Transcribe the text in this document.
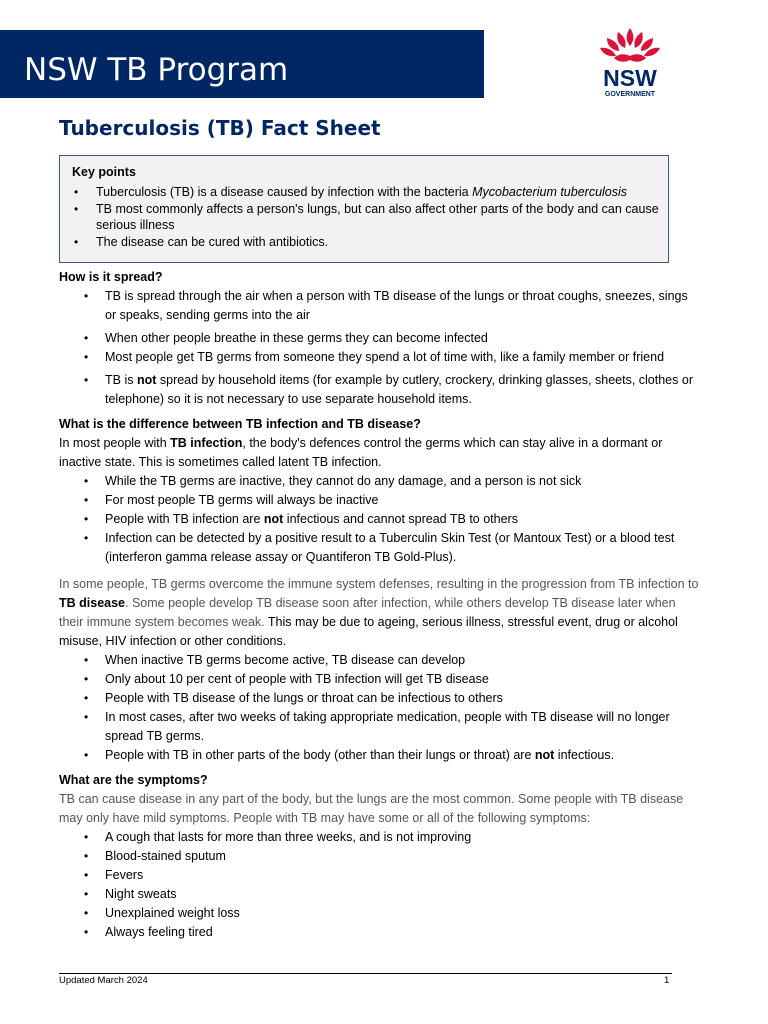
NSW TB Program	NSW
GOVERNMENT
Tuberculosis (TB) Fact Sheet
Key points
• Tuberculosis (TB) is a disease caused by infection with the bacteria Mycobacterium tuberculosis
• TB most commonly affects a person's lungs, but can also affect other parts of the body and can cause serious illness
• The disease can be cured with antibiotics.
How is it spread?
• TB is spread through the air when a person with TB disease of the lungs or throat coughs, sneezes, sings or speaks, sending germs into the air
• When other people breathe in these germs they can become infected
• Most people get TB germs from someone they spend a lot of time with, like a family member or friend
• TB is not spread by household items (for example by cutlery, crockery, drinking glasses, sheets, clothes or telephone) so it is not necessary to use separate household items.
What is the difference between TB infection and TB disease?

In most people with TB infection, the body's defences control the germs which can stay alive in a dormant or inactive state. This is sometimes called latent TB infection.

• While the TB germs are inactive, they cannot do any damage, and a person is not sick
• For most people TB germs will always be inactive
• People with TB infection are not infectious and cannot spread TB to others
• Infection can be detected by a positive result to a Tuberculin Skin Test (or Mantoux Test) or a blood test (interferon gamma release assay or Quantiferon TB Gold-Plus).

In some people, TB germs overcome the immune system defenses, resulting in the progression from TB infection to TB disease. Some people develop TB disease soon after infection, while others develop TB disease later when their immune system becomes weak. This may be due to ageing, serious illness, stressful event, drug or alcohol misuse, HIV infection or other conditions.

• When inactive TB germs become active, TB disease can develop
• Only about 10 per cent of people with TB infection will get TB disease
• People with TB disease of the lungs or throat can be infectious to others
• In most cases, after two weeks of taking appropriate medication, people with TB disease will no longer spread TB germs.
• People with TB in other parts of the body (other than their lungs or throat) are not infectious.
What are the symptoms?

TB can cause disease in any part of the body, but the lungs are the most common. Some people with TB disease may only have mild symptoms. People with TB may have some or all of the following symptoms:

• A cough that lasts for more than three weeks, and is not improving
• Blood-stained sputum
• Fevers
• Night sweats
• Unexplained weight loss
• Always feeling tired
Updated March 2024	1
